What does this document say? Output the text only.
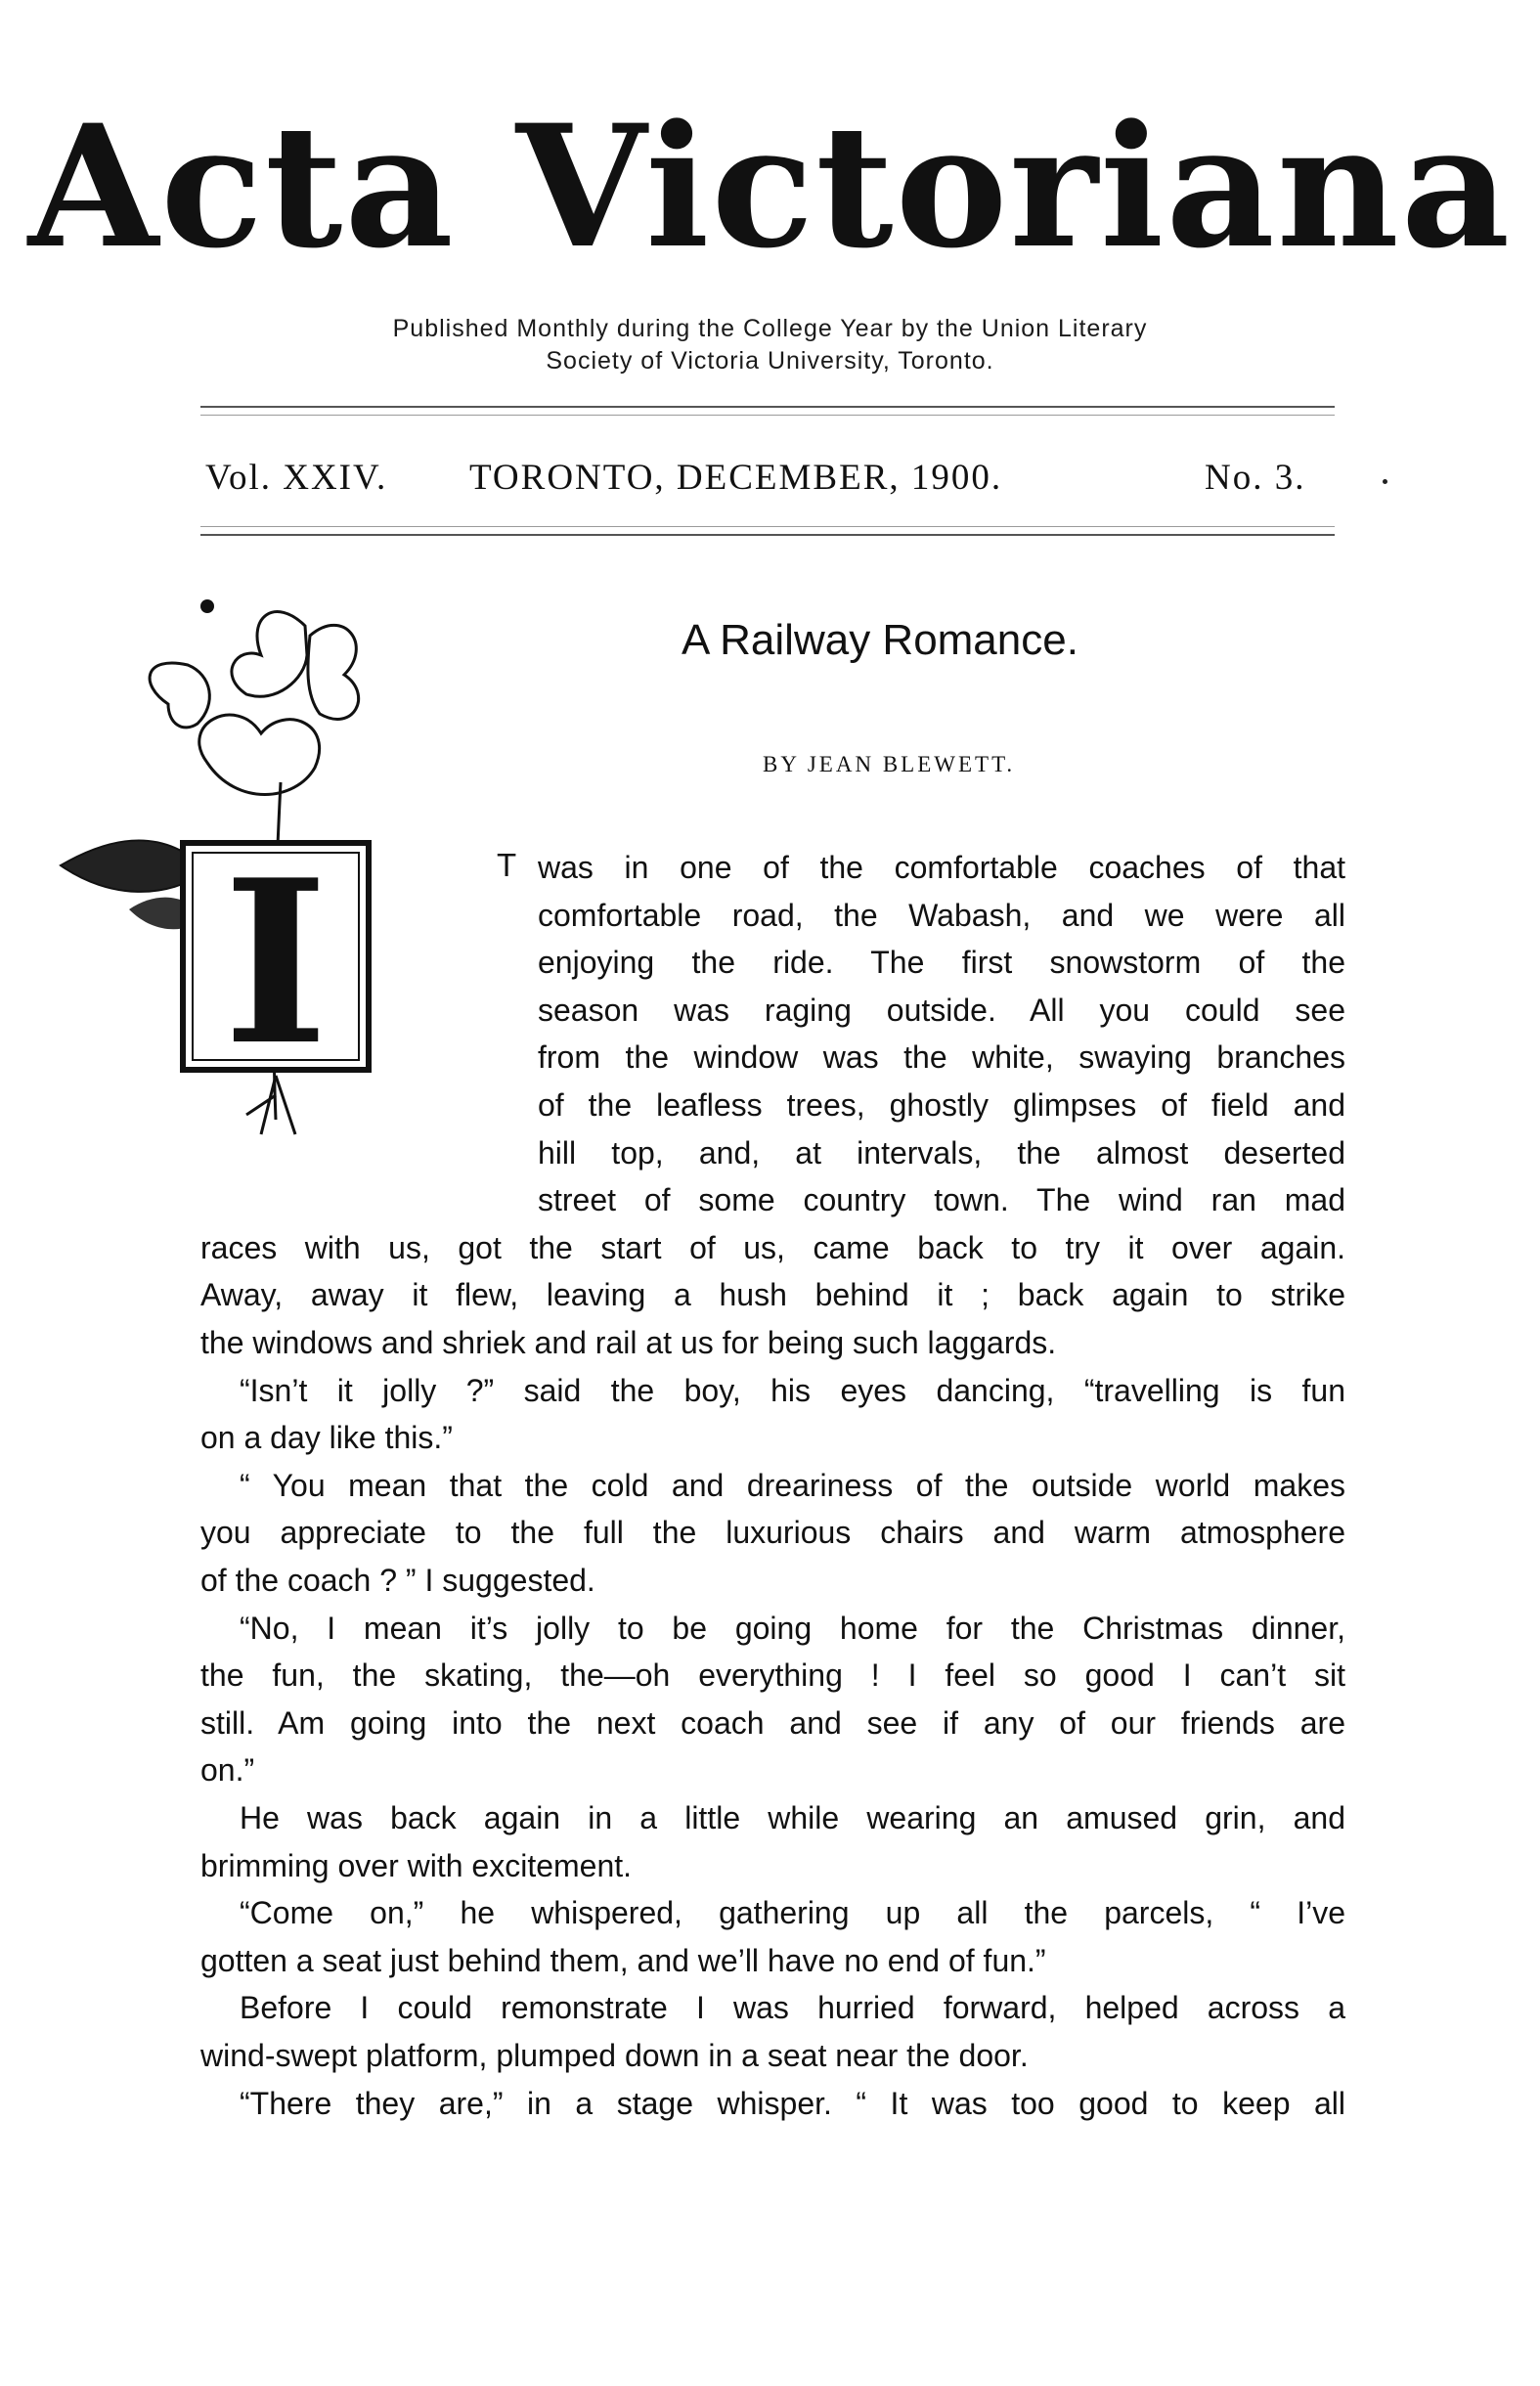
Acta Victoriana
Published Monthly during the College Year by the Union Literary
Society of Victoria University, Toronto.
Vol. XXIV. TORONTO, DECEMBER, 1900.	No. 3.
A Railway Romance.
BY JEAN BLEWETT.
I	T was in one of the comfortable coaches of that
comfortable road, the Wabash, and we were all
enjoying the ride. The first snowstorm of the
season was raging outside. All you could see
from the window was the white, swaying branches
of the leafless trees, ghostly glimpses of field and
hill top, and, at intervals, the almost deserted
street of some country town. The wind ran mad
races with us, got the start of us, came back to try it over again.
Away, away it flew, leaving a hush behind it ; back again to strike
the windows and shriek and rail at us for being such laggards.
“Isn’t it jolly ?” said the boy, his eyes dancing, “travelling is fun
on a day like this.”
“ You mean that the cold and dreariness of the outside world makes
you appreciate to the full the luxurious chairs and warm atmosphere
of the coach ? ” I suggested.
“No, I mean it’s jolly to be going home for the Christmas dinner,
the fun, the skating, the—oh everything ! I feel so good I can’t sit
still. Am going into the next coach and see if any of our friends are
on.”
He was back again in a little while wearing an amused grin, and
brimming over with excitement.
“Come on,” he whispered, gathering up all the parcels, “ I’ve
gotten a seat just behind them, and we’ll have no end of fun.”
Before I could remonstrate I was hurried forward, helped across a
wind-swept platform, plumped down in a seat near the door.
“There they are,” in a stage whisper. “ It was too good to keep all
